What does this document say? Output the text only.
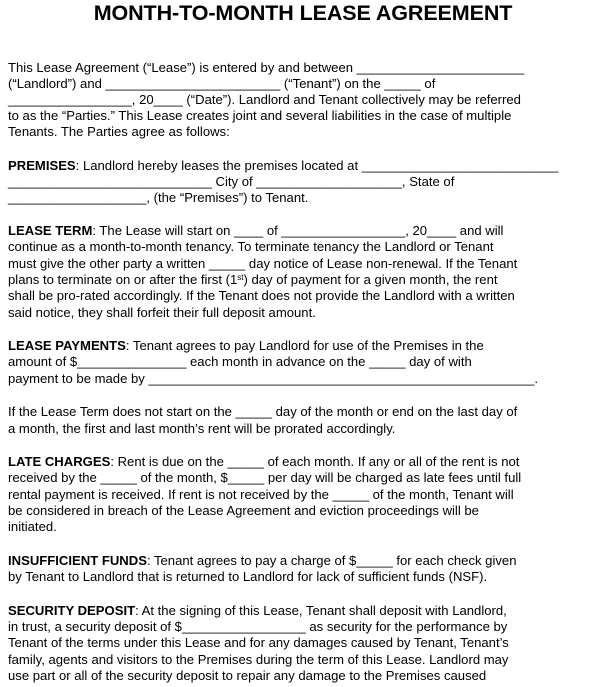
MONTH-TO-MONTH LEASE AGREEMENT
This Lease Agreement (“Lease”) is entered by and between _______________________
(“Landlord”) and ________________________ (“Tenant”) on the _____ of
_________________, 20____ (“Date”). Landlord and Tenant collectively may be referred
to as the “Parties.” This Lease creates joint and several liabilities in the case of multiple
Tenants. The Parties agree as follows:
PREMISES: Landlord hereby leases the premises located at ___________________________
____________________________ City of ____________________, State of
___________________, (the “Premises”) to Tenant.
LEASE TERM: The Lease will start on ____ of _________________, 20____ and will
continue as a month-to-month tenancy. To terminate tenancy the Landlord or Tenant
must give the other party a written _____ day notice of Lease non-renewal. If the Tenant
plans to terminate on or after the first (1st) day of payment for a given month, the rent
shall be pro-rated accordingly. If the Tenant does not provide the Landlord with a written
said notice, they shall forfeit their full deposit amount.
LEASE PAYMENTS: Tenant agrees to pay Landlord for use of the Premises in the
amount of $_______________ each month in advance on the _____ day of with
payment to be made by _____________________________________________________.
If the Lease Term does not start on the _____ day of the month or end on the last day of
a month, the first and last month’s rent will be prorated accordingly.
LATE CHARGES: Rent is due on the _____ of each month. If any or all of the rent is not
received by the _____ of the month, $_____ per day will be charged as late fees until full
rental payment is received. If rent is not received by the _____ of the month, Tenant will
be considered in breach of the Lease Agreement and eviction proceedings will be
initiated.
INSUFFICIENT FUNDS: Tenant agrees to pay a charge of $_____ for each check given
by Tenant to Landlord that is returned to Landlord for lack of sufficient funds (NSF).
SECURITY DEPOSIT: At the signing of this Lease, Tenant shall deposit with Landlord,
in trust, a security deposit of $_________________ as security for the performance by
Tenant of the terms under this Lease and for any damages caused by Tenant, Tenant’s
family, agents and visitors to the Premises during the term of this Lease. Landlord may
use part or all of the security deposit to repair any damage to the Premises caused
